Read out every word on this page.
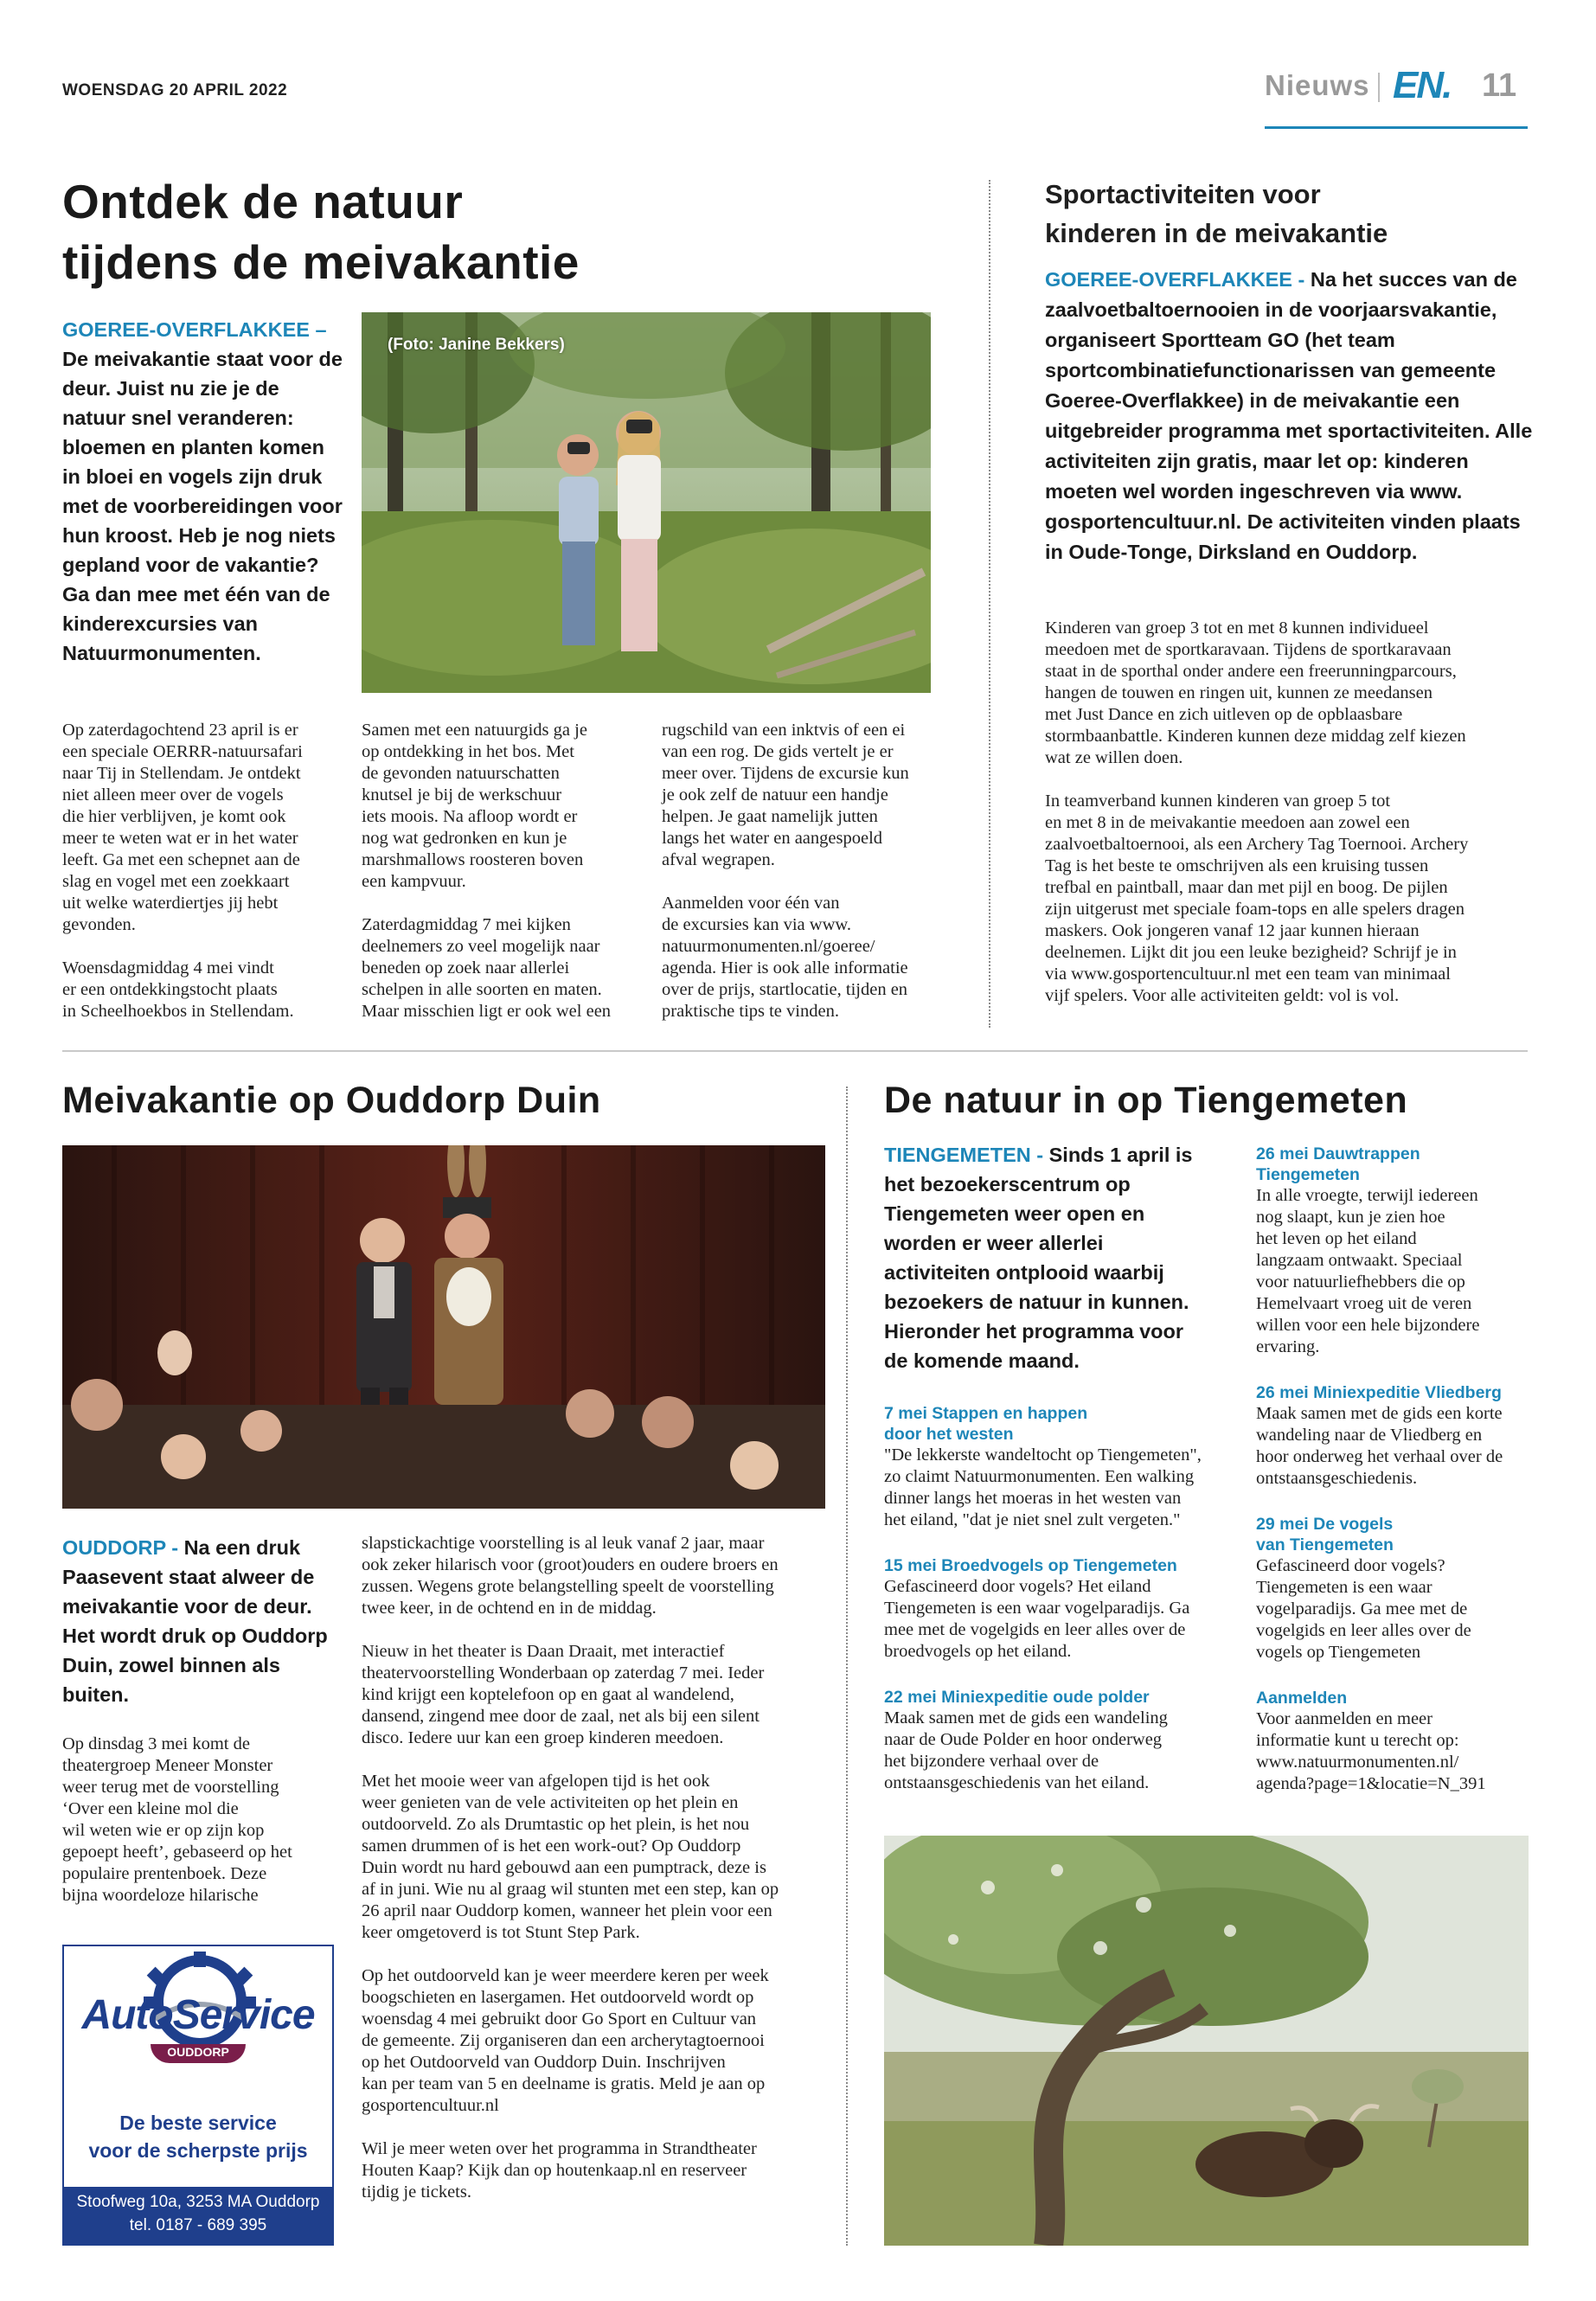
WOENSDAG 20 APRIL 2022	Nieuws EN. 11
Ontdek de natuur
tijdens de meivakantie
GOEREE-OVERFLAKKEE – De meivakantie staat voor de deur. Juist nu zie je de natuur snel veranderen: bloemen en planten komen in bloei en vogels zijn druk met de voorbereidingen voor hun kroost. Heb je nog niets gepland voor de vakantie? Ga dan mee met één van de kinderexcursies van Natuurmonumenten.
(Foto: Janine Bekkers)

Op zaterdagochtend 23 april is er
een speciale OERRR-natuursafari
naar Tij in Stellendam. Je ontdekt
niet alleen meer over de vogels
die hier verblijven, je komt ook
meer te weten wat er in het water
leeft. Ga met een schepnet aan de
slag en vogel met een zoekkaart
uit welke waterdiertjes jij hebt
gevonden.

Woensdagmiddag 4 mei vindt
er een ontdekkingstocht plaats
in Scheelhoekbos in Stellendam.

Samen met een natuurgids ga je
op ontdekking in het bos. Met
de gevonden natuurschatten
knutsel je bij de werkschuur
iets moois. Na afloop wordt er
nog wat gedronken en kun je
marshmallows roosteren boven
een kampvuur.

Zaterdagmiddag 7 mei kijken
deelnemers zo veel mogelijk naar
beneden op zoek naar allerlei
schelpen in alle soorten en maten.
Maar misschien ligt er ook wel een

rugschild van een inktvis of een ei
van een rog. De gids vertelt je er
meer over. Tijdens de excursie kun
je ook zelf de natuur een handje
helpen. Je gaat namelijk jutten
langs het water en aangespoeld
afval wegrapen.

Aanmelden voor één van
de excursies kan via www.
natuurmonumenten.nl/goeree/
agenda. Hier is ook alle informatie
over de prijs, startlocatie, tijden en
praktische tips te vinden.

Sportactiviteiten voor
kinderen in de meivakantie
GOEREE-OVERFLAKKEE - Na het succes van de zaalvoetbaltoernooien in de voorjaarsvakantie, organiseert Sportteam GO (het team sportcombinatiefunctionarissen van gemeente Goeree-Overflakkee) in de meivakantie een uitgebreider programma met sportactiviteiten. Alle activiteiten zijn gratis, maar let op: kinderen moeten wel worden ingeschreven via www. gosportencultuur.nl. De activiteiten vinden plaats in Oude-Tonge, Dirksland en Ouddorp.

Kinderen van groep 3 tot en met 8 kunnen individueel
meedoen met de sportkaravaan. Tijdens de sportkaravaan
staat in de sporthal onder andere een freerunningparcours,
hangen de touwen en ringen uit, kunnen ze meedansen
met Just Dance en zich uitleven op de opblaasbare
stormbaanbattle. Kinderen kunnen deze middag zelf kiezen
wat ze willen doen.

In teamverband kunnen kinderen van groep 5 tot
en met 8 in de meivakantie meedoen aan zowel een
zaalvoetbaltoernooi, als een Archery Tag Toernooi. Archery
Tag is het beste te omschrijven als een kruising tussen
trefbal en paintball, maar dan met pijl en boog. De pijlen
zijn uitgerust met speciale foam-tops en alle spelers dragen
maskers. Ook jongeren vanaf 12 jaar kunnen hieraan
deelnemen. Lijkt dit jou een leuke bezigheid? Schrijf je in
via www.gosportencultuur.nl met een team van minimaal
vijf spelers. Voor alle activiteiten geldt: vol is vol.

Meivakantie op Ouddorp Duin
OUDDORP - Na een druk Paasevent staat alweer de meivakantie voor de deur. Het wordt druk op Ouddorp Duin, zowel binnen als buiten.

Op dinsdag 3 mei komt de
theatergroep Meneer Monster
weer terug met de voorstelling
‘Over een kleine mol die
wil weten wie er op zijn kop
gepoept heeft’, gebaseerd op het
populaire prentenboek. Deze
bijna woordeloze hilarische

slapstickachtige voorstelling is al leuk vanaf 2 jaar, maar
ook zeker hilarisch voor (groot)ouders en oudere broers en
zussen. Wegens grote belangstelling speelt de voorstelling
twee keer, in de ochtend en in de middag.

Nieuw in het theater is Daan Draait, met interactief
theatervoorstelling Wonderbaan op zaterdag 7 mei. Ieder
kind krijgt een koptelefoon op en gaat al wandelend,
dansend, zingend mee door de zaal, net als bij een silent
disco. Iedere uur kan een groep kinderen meedoen.

Met het mooie weer van afgelopen tijd is het ook
weer genieten van de vele activiteiten op het plein en
outdoorveld. Zo als Drumtastic op het plein, is het nou
samen drummen of is het een work-out? Op Ouddorp
Duin wordt nu hard gebouwd aan een pumptrack, deze is
af in juni. Wie nu al graag wil stunten met een step, kan op
26 april naar Ouddorp komen, wanneer het plein voor een
keer omgetoverd is tot Stunt Step Park.

Op het outdoorveld kan je weer meerdere keren per week
boogschieten en lasergamen. Het outdoorveld wordt op
woensdag 4 mei gebruikt door Go Sport en Cultuur van
de gemeente. Zij organiseren dan een archerytagtoernooi
op het Outdoorveld van Ouddorp Duin. Inschrijven
kan per team van 5 en deelname is gratis. Meld je aan op
gosportencultuur.nl

Wil je meer weten over het programma in Strandtheater
Houten Kaap? Kijk dan op houtenkaap.nl en reserveer
tijdig je tickets.

AutoService
OUDDORP
De beste service
voor de scherpste prijs
Stoofweg 10a, 3253 MA Ouddorp
tel. 0187 - 689 395
De natuur in op Tiengemeten
TIENGEMETEN - Sinds 1 april is het bezoekerscentrum op Tiengemeten weer open en worden er weer allerlei activiteiten ontplooid waarbij bezoekers de natuur in kunnen. Hieronder het programma voor de komende maand.
7 mei Stappen en happen
door het westen
"De lekkerste wandeltocht op Tiengemeten",
zo claimt Natuurmonumenten. Een walking
dinner langs het moeras in het westen van
het eiland, "dat je niet snel zult vergeten."
15 mei Broedvogels op Tiengemeten
Gefascineerd door vogels? Het eiland
Tiengemeten is een waar vogelparadijs. Ga
mee met de vogelgids en leer alles over de
broedvogels op het eiland.
22 mei Miniexpeditie oude polder
Maak samen met de gids een wandeling
naar de Oude Polder en hoor onderweg
het bijzondere verhaal over de
ontstaansgeschiedenis van het eiland.
26 mei Dauwtrappen
Tiengemeten
In alle vroegte, terwijl iedereen
nog slaapt, kun je zien hoe
het leven op het eiland
langzaam ontwaakt. Speciaal
voor natuurliefhebbers die op
Hemelvaart vroeg uit de veren
willen voor een hele bijzondere
ervaring.
26 mei Miniexpeditie Vliedberg
Maak samen met de gids een korte
wandeling naar de Vliedberg en
hoor onderweg het verhaal over de
ontstaansgeschiedenis.
29 mei De vogels
van Tiengemeten
Gefascineerd door vogels?
Tiengemeten is een waar
vogelparadijs. Ga mee met de
vogelgids en leer alles over de
vogels op Tiengemeten
Aanmelden
Voor aanmelden en meer
informatie kunt u terecht op:
www.natuurmonumenten.nl/
agenda?page=1&locatie=N_391
